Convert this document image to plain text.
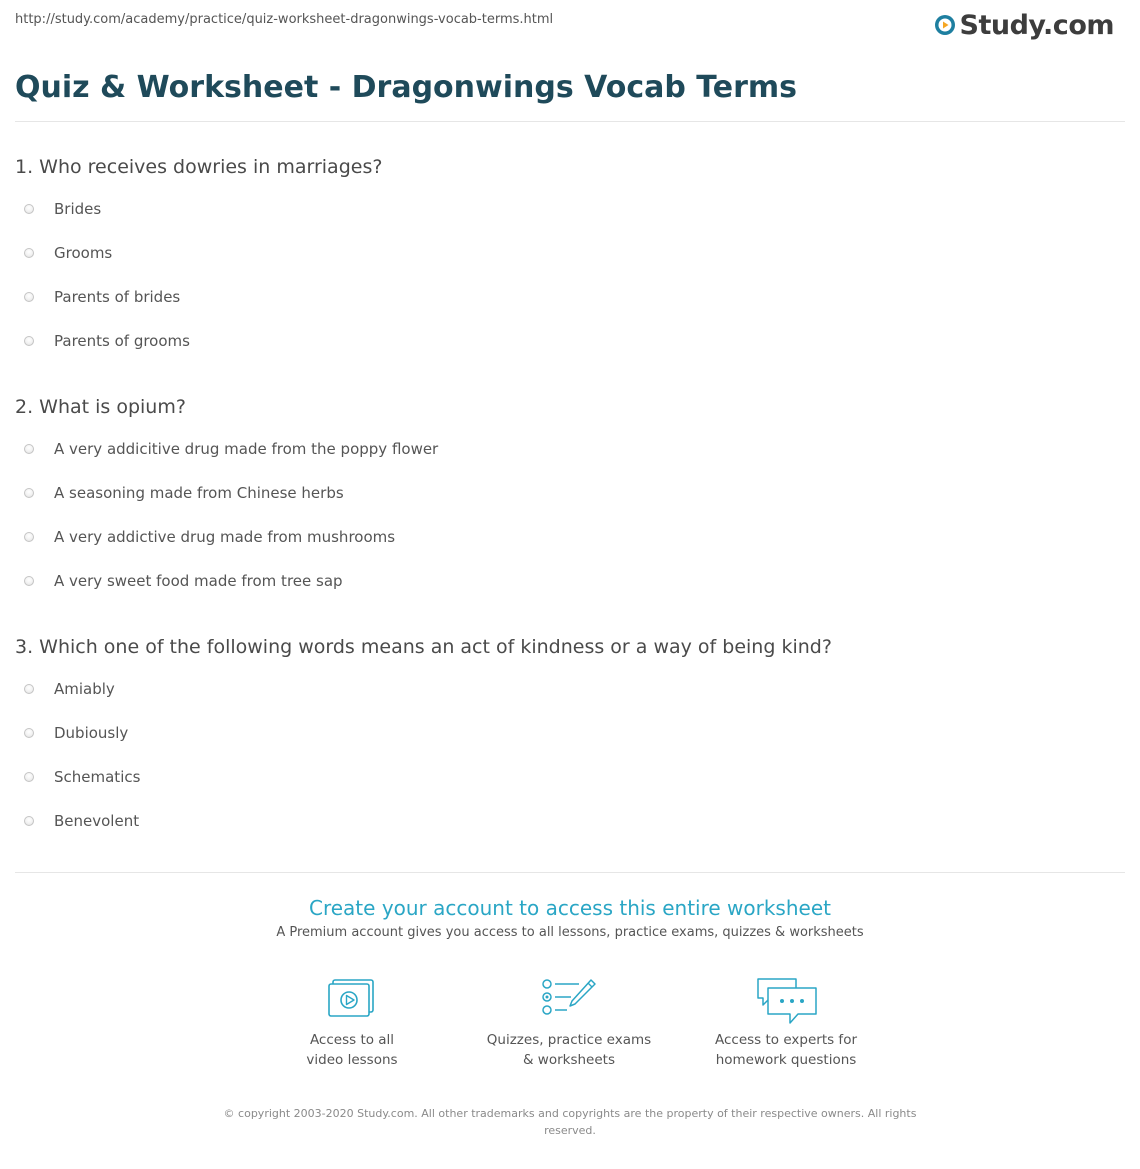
http://study.com/academy/practice/quiz-worksheet-dragonwings-vocab-terms.html	Study.com
Quiz & Worksheet - Dragonwings Vocab Terms
1. Who receives dowries in marriages?
Brides
Grooms
Parents of brides
Parents of grooms
2. What is opium?
A very addicitive drug made from the poppy flower
A seasoning made from Chinese herbs
A very addictive drug made from mushrooms
A very sweet food made from tree sap
3. Which one of the following words means an act of kindness or a way of being kind?
Amiably
Dubiously
Schematics
Benevolent
Create your account to access this entire worksheet
A Premium account gives you access to all lessons, practice exams, quizzes & worksheets
Access to all
video lessons
Quizzes, practice exams
& worksheets
Access to experts for
homework questions
© copyright 2003-2020 Study.com. All other trademarks and copyrights are the property of their respective owners. All rights reserved.
